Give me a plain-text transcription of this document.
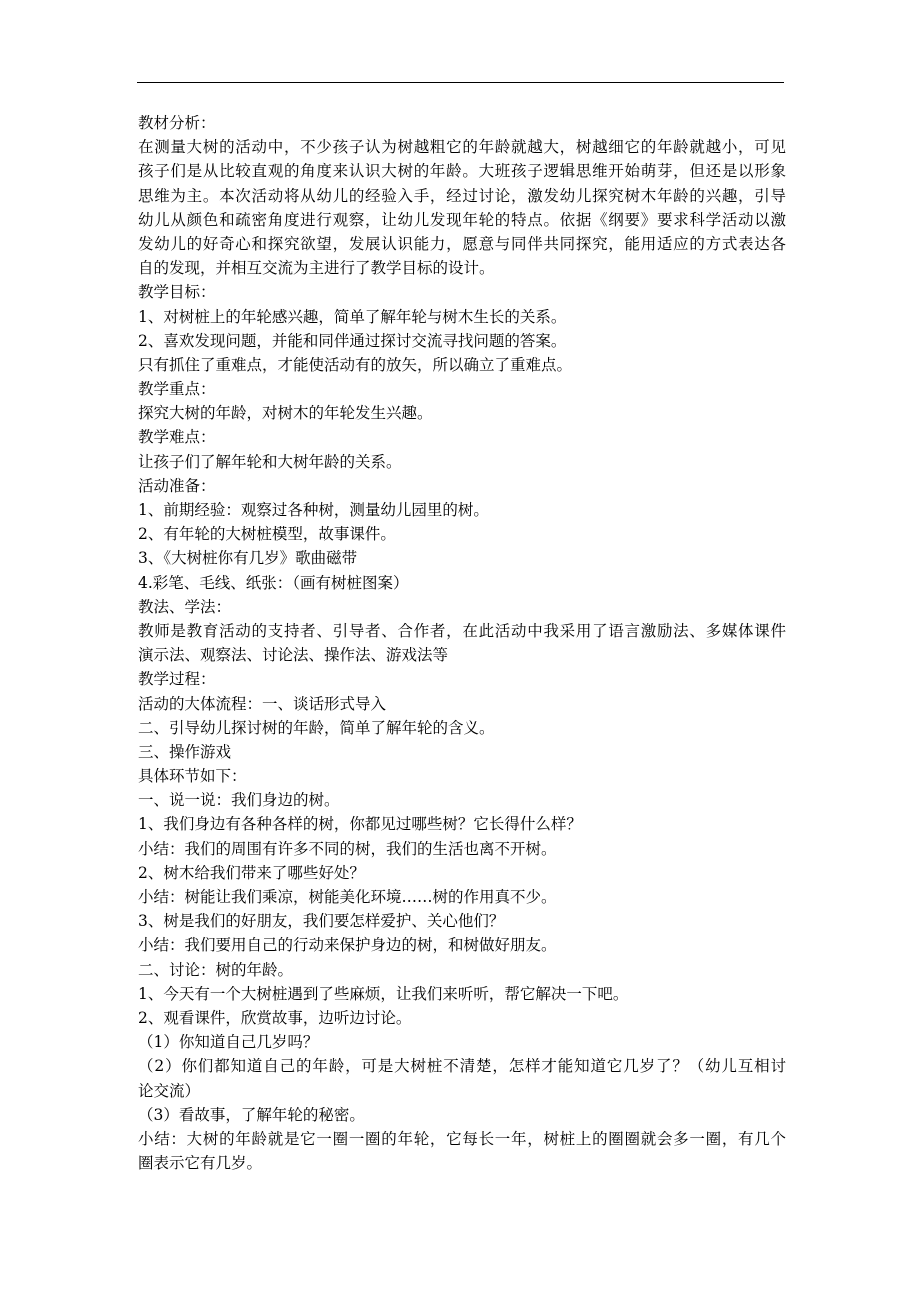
教材分析：
在测量大树的活动中，不少孩子认为树越粗它的年龄就越大，树越细它的年龄就越小，可见
孩子们是从比较直观的角度来认识大树的年龄。大班孩子逻辑思维开始萌芽，但还是以形象
思维为主。本次活动将从幼儿的经验入手，经过讨论，激发幼儿探究树木年龄的兴趣，引导
幼儿从颜色和疏密角度进行观察，让幼儿发现年轮的特点。依据《纲要》要求科学活动以激
发幼儿的好奇心和探究欲望，发展认识能力，愿意与同伴共同探究，能用适应的方式表达各
自的发现，并相互交流为主进行了教学目标的设计。
教学目标：
1、对树桩上的年轮感兴趣，简单了解年轮与树木生长的关系。
2、喜欢发现问题，并能和同伴通过探讨交流寻找问题的答案。
只有抓住了重难点，才能使活动有的放矢，所以确立了重难点。
教学重点：
探究大树的年龄，对树木的年轮发生兴趣。
教学难点：
让孩子们了解年轮和大树年龄的关系。
活动准备：
1、前期经验：观察过各种树，测量幼儿园里的树。
2、有年轮的大树桩模型，故事课件。
3、《大树桩你有几岁》歌曲磁带
4.彩笔、毛线、纸张：（画有树桩图案）
教法、学法：
教师是教育活动的支持者、引导者、合作者，在此活动中我采用了语言激励法、多媒体课件
演示法、观察法、讨论法、操作法、游戏法等
教学过程：
活动的大体流程：一、谈话形式导入
二、引导幼儿探讨树的年龄，简单了解年轮的含义。
三、操作游戏
具体环节如下：
一、说一说：我们身边的树。
1、我们身边有各种各样的树，你都见过哪些树？它长得什么样？
小结：我们的周围有许多不同的树，我们的生活也离不开树。
2、树木给我们带来了哪些好处？
小结：树能让我们乘凉，树能美化环境……树的作用真不少。
3、树是我们的好朋友，我们要怎样爱护、关心他们？
小结：我们要用自己的行动来保护身边的树，和树做好朋友。
二、讨论：树的年龄。
1、今天有一个大树桩遇到了些麻烦，让我们来听听，帮它解决一下吧。
2、观看课件，欣赏故事，边听边讨论。
（1）你知道自己几岁吗？
（2）你们都知道自己的年龄，可是大树桩不清楚，怎样才能知道它几岁了？（幼儿互相讨
论交流）
（3）看故事，了解年轮的秘密。
小结：大树的年龄就是它一圈一圈的年轮，它每长一年，树桩上的圈圈就会多一圈，有几个
圈表示它有几岁。
